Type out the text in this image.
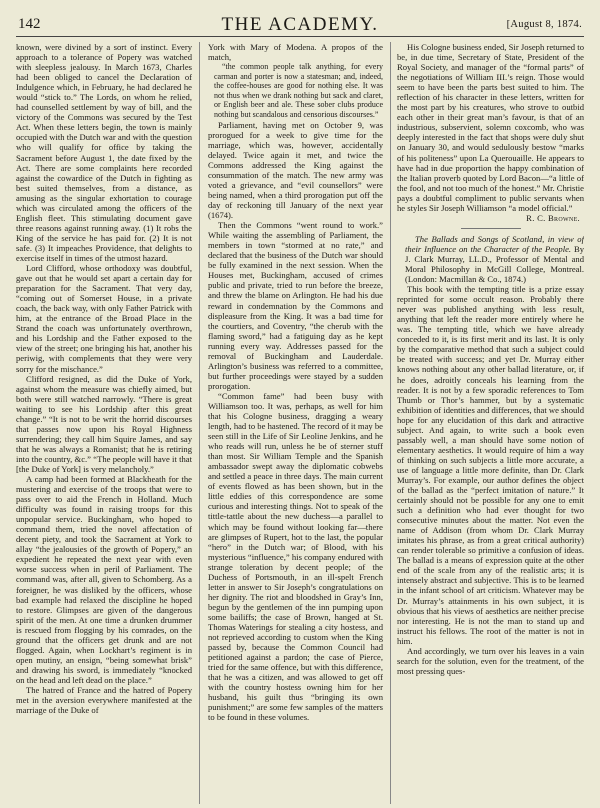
142	THE ACADEMY.	[August 8, 1874.

known, were divined by a sort of instinct. Every approach to a tolerance of Popery was watched with sleepless jealousy. In March 1673, Charles had been obliged to cancel the Declaration of Indulgence which, in February, he had declared he would “stick to.” The Lords, on whom he relied, had counselled settlement by way of bill, and the victory of the Commons was secured by the Test Act. When these letters begin, the town is mainly occupied with the Dutch war and with the question who will qualify for office by taking the Sacrament before August 1, the date fixed by the Act. There are some complaints here recorded against the cowardice of the Dutch in fighting as best suited themselves, from a distance, as amusing as the singular exhortation to courage which was circulated among the officers of the English fleet. This stimulating document gave three reasons against running away. (1) It robs the King of the service he has paid for. (2) It is not safe. (3) It impeaches Providence, that delights to exercise itself in times of the utmost hazard.

Lord Clifford, whose orthodoxy was doubtful, gave out that he would set apart a certain day for preparation for the Sacrament. That very day, “coming out of Somerset House, in a private coach, the back way, with only Father Patrick with him, at the entrance of the Broad Place in the Strand the coach was unfortunately overthrown, and his Lordship and the Father exposed to the view of the street; one bringing his hat, another his periwig, with complements that they were very sorry for the mischance.”

Clifford resigned, as did the Duke of York, against whom the measure was chiefly aimed, but both were still watched narrowly. “There is great waiting to see his Lordship after this great change.” “It is not to be writ the horrid discourses that passes now upon his Royal Highness surrendering; they call him Squire James, and say that he was always a Romanist; that he is retiring into the country, &c.” “The people will have it that [the Duke of York] is very melancholy.”

A camp had been formed at Blackheath for the mustering and exercise of the troops that were to pass over to aid the French in Holland. Much difficulty was found in raising troops for this unpopular service. Buckingham, who hoped to command them, tried the novel affectation of decent piety, and took the Sacrament at York to allay “the jealousies of the growth of Popery,” an expedient he repeated the next year with even worse success when in peril of Parliament. The command was, after all, given to Schomberg. As a foreigner, he was disliked by the officers, whose bad example had relaxed the discipline he hoped to restore. Glimpses are given of the dangerous spirit of the men. At one time a drunken drummer is rescued from flogging by his comrades, on the ground that the officers get drunk and are not flogged. Again, when Lockhart’s regiment is in open mutiny, an ensign, “being somewhat brisk” and drawing his sword, is immediately “knocked on the head and left dead on the place.”

The hatred of France and the hatred of Popery met in the aversion everywhere manifested at the marriage of the Duke of

York with Mary of Modena. A propos of the match,

“the common people talk anything, for every carman and porter is now a statesman; and, indeed, the coffee-houses are good for nothing else. It was not thus when we drank nothing but sack and claret, or English beer and ale. These sober clubs produce nothing but scandalous and censorious discourses.”

Parliament, having met on October 9, was prorogued for a week to give time for the marriage, which was, however, accidentally delayed. Twice again it met, and twice the Commons addressed the King against the consummation of the match. The new army was voted a grievance, and “evil counsellors” were being named, when a third prorogation put off the day of reckoning till January of the next year (1674).

Then the Commons “went round to work.” While waiting the assembling of Parliament, the members in town “stormed at no rate,” and declared that the business of the Dutch war should be fully examined in the next session. When the Houses met, Buckingham, accused of crimes public and private, tried to run before the breeze, and threw the blame on Arlington. He had his due reward in condemnation by the Commons and displeasure from the King. It was a bad time for the courtiers, and Coventry, “the cherub with the flaming sword,” had a fatiguing day as he kept running every way. Addresses passed for the removal of Buckingham and Lauderdale. Arlington’s business was referred to a committee, but further proceedings were stayed by a sudden prorogation.

“Common fame” had been busy with Williamson too. It was, perhaps, as well for him that his Cologne business, dragging a weary length, had to be hastened. The record of it may be seen still in the Life of Sir Leoline Jenkins, and he who reads will run, unless he be of sterner stuff than most. Sir William Temple and the Spanish ambassador swept away the diplomatic cobwebs and settled a peace in three days. The main current of events flowed as has been shown, but in the little eddies of this correspondence are some curious and interesting things. Not to speak of the tittle-tattle about the new duchess—a parallel to which may be found without looking far—there are glimpses of Rupert, hot to the last, the popular “hero” in the Dutch war; of Blood, with his mysterious “influence,” his company endured with strange toleration by decent people; of the Duchess of Portsmouth, in an ill-spelt French letter in answer to Sir Joseph’s congratulations on her dignity. The riot and bloodshed in Gray’s Inn, begun by the gentlemen of the inn pumping upon some bailiffs; the case of Brown, hanged at St. Thomas Waterings for stealing a city hostess, and not reprieved according to custom when the King passed by, because the Common Council had petitioned against a pardon; the case of Pierce, tried for the same offence, but with this difference, that he was a citizen, and was allowed to get off with the country hostess owning him for her husband, his guilt thus “bringing its own punishment;” are some few samples of the matters to be found in these volumes.

His Cologne business ended, Sir Joseph returned to be, in due time, Secretary of State, President of the Royal Society, and manager of the “formal parts” of the negotiations of William III.’s reign. Those would seem to have been the parts best suited to him. The reflection of his character in these letters, written for the most part by his creatures, who strove to outbid each other in their great man’s favour, is that of an industrious, subservient, solemn coxcomb, who was deeply interested in the fact that shops were duly shut on January 30, and would sedulously bestow “marks of his politeness” upon La Querouaille. He appears to have had in due proportion the happy combination of the Italian proverb quoted by Lord Bacon—“a little of the fool, and not too much of the honest.” Mr. Christie pays a doubtful compliment to public servants when he styles Sir Joseph Williamson “a model official.”

R. C. Browne.

The Ballads and Songs of Scotland, in view of their Influence on the Character of the People. By J. Clark Murray, LL.D., Professor of Mental and Moral Philosophy in McGill College, Montreal. (London: Macmillan & Co., 1874.)

This book with the tempting title is a prize essay reprinted for some occult reason. Probably there never was published anything with less result, anything that left the reader more entirely where he was. The tempting title, which we have already conceded to it, is its first merit and its last. It is only by the comparative method that such a subject could be treated with success; and yet Dr. Murray either knows nothing about any other ballad literature, or, if he does, adroitly conceals his learning from the reader. It is not by a few sporadic references to Tom Thumb or Thor’s hammer, but by a systematic exhibition of identities and differences, that we should hope for any elucidation of this dark and attractive subject. And again, to write such a book even passably well, a man should have some notion of elementary aesthetics. It would require of him a way of thinking on such subjects a little more accurate, a use of language a little more definite, than Dr. Clark Murray’s. For example, our author defines the object of the ballad as the “perfect imitation of nature.” It certainly should not be possible for any one to emit such a definition who had ever thought for two consecutive minutes about the matter. Not even the name of Addison (from whom Dr. Clark Murray imitates his phrase, as from a great critical authority) can render tolerable so primitive a confusion of ideas. The ballad is a means of expression quite at the other end of the scale from any of the realistic arts; it is intensely abstract and subjective. This is to be learned in the infant school of art criticism. Whatever may be Dr. Murray’s attainments in his own subject, it is obvious that his views of aesthetics are neither precise nor interesting. He is not the man to stand up and instruct his fellows. The root of the matter is not in him.

And accordingly, we turn over his leaves in a vain search for the solution, even for the treatment, of the most pressing ques-
